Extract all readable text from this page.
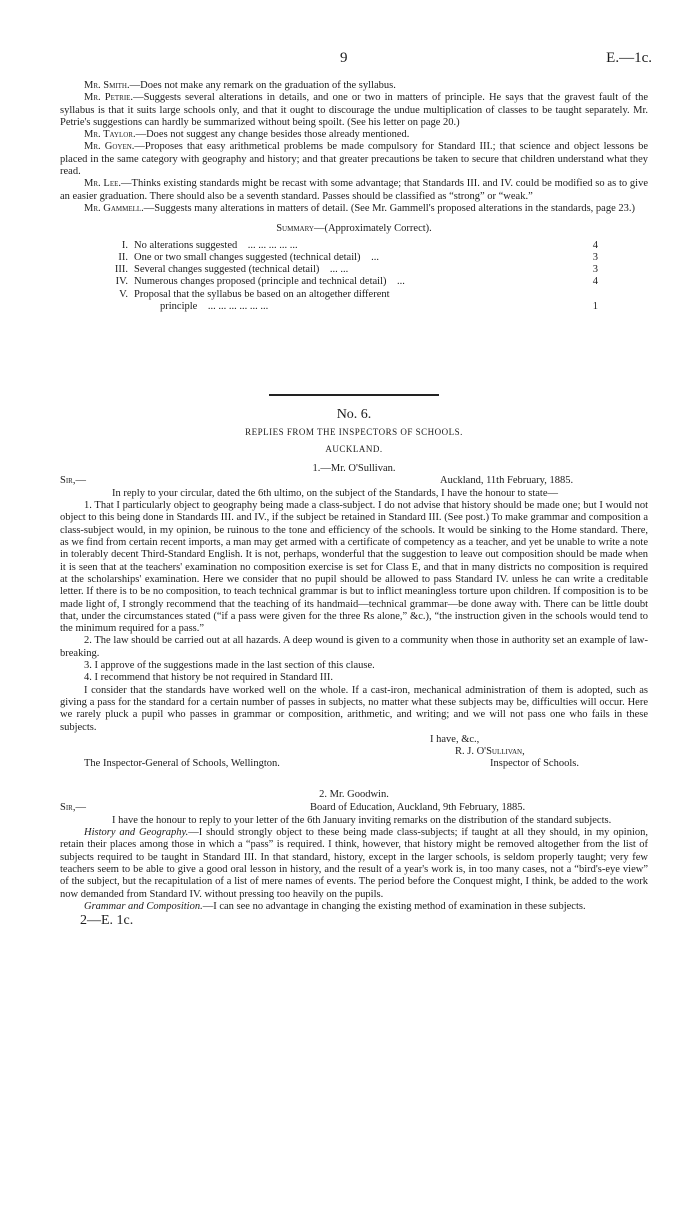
9	E.—1c.

Mr. Smith.—Does not make any remark on the graduation of the syllabus.

Mr. Petrie.—Suggests several alterations in details, and one or two in matters of principle. He says that the gravest fault of the syllabus is that it suits large schools only, and that it ought to discourage the undue multiplication of classes to be taught separately. Mr. Petrie's suggestions can hardly be summarized without being spoilt. (See his letter on page 20.)

Mr. Taylor.—Does not suggest any change besides those already mentioned.

Mr. Goyen.—Proposes that easy arithmetical problems be made compulsory for Standard III.; that science and object lessons be placed in the same category with geography and history; and that greater precautions be taken to secure that children understand what they read.

Mr. Lee.—Thinks existing standards might be recast with some advantage; that Standards III. and IV. could be modified so as to give an easier graduation. There should also be a seventh standard. Passes should be classified as “strong” or “weak.”

Mr. Gammell.—Suggests many alterations in matters of detail. (See Mr. Gammell's proposed alterations in the standards, page 23.)

Summary—(Approximately Correct).

I.	No alterations suggested ... ... ... ... ...	4
II.	One or two small changes suggested (technical detail) ...	3
III.	Several changes suggested (technical detail) ... ...	3
IV.	Numerous changes proposed (principle and technical detail) ...	4
V.	Proposal that the syllabus be based on an altogether different	
	principle ... ... ... ... ... ...	1

No. 6.

REPLIES FROM THE INSPECTORS OF SCHOOLS.

AUCKLAND.

1.—Mr. O'Sullivan.

Sir,—	Auckland, 11th February, 1885.

In reply to your circular, dated the 6th ultimo, on the subject of the Standards, I have the honour to state—

1. That I particularly object to geography being made a class-subject. I do not advise that history should be made one; but I would not object to this being done in Standards III. and IV., if the subject be retained in Standard III. (See post.) To make grammar and composition a class-subject would, in my opinion, be ruinous to the tone and efficiency of the schools. It would be sinking to the Home standard. There, as we find from certain recent imports, a man may get armed with a certificate of competency as a teacher, and yet be unable to write a note in tolerably decent Third-Standard English. It is not, perhaps, wonderful that the suggestion to leave out composition should be made when it is seen that at the teachers' examination no composition exercise is set for Class E, and that in many districts no composition is required at the scholarships' examination. Here we consider that no pupil should be allowed to pass Standard IV. unless he can write a creditable letter. If there is to be no composition, to teach technical grammar is but to inflict meaningless torture upon children. If composition is to be made light of, I strongly recommend that the teaching of its handmaid—technical grammar—be done away with. There can be little doubt that, under the circumstances stated (“if a pass were given for the three Rs alone,” &c.), “the instruction given in the schools would tend to the minimum required for a pass.”

2. The law should be carried out at all hazards. A deep wound is given to a community when those in authority set an example of law-breaking.

3. I approve of the suggestions made in the last section of this clause.

4. I recommend that history be not required in Standard III.

I consider that the standards have worked well on the whole. If a cast-iron, mechanical administration of them is adopted, such as giving a pass for the standard for a certain number of passes in subjects, no matter what these subjects may be, difficulties will occur. Here we rarely pluck a pupil who passes in grammar or composition, arithmetic, and writing; and we will not pass one who fails in these subjects.

I have, &c.,

R. J. O'Sullivan,

The Inspector-General of Schools, Wellington.	Inspector of Schools.

2. Mr. Goodwin.

Sir,—	Board of Education, Auckland, 9th February, 1885.

I have the honour to reply to your letter of the 6th January inviting remarks on the distribution of the standard subjects.

History and Geography.—I should strongly object to these being made class-subjects; if taught at all they should, in my opinion, retain their places among those in which a “pass” is required. I think, however, that history might be removed altogether from the list of subjects required to be taught in Standard III. In that standard, history, except in the larger schools, is seldom properly taught; very few teachers seem to be able to give a good oral lesson in history, and the result of a year's work is, in too many cases, not a “bird's-eye view” of the subject, but the recapitulation of a list of mere names of events. The period before the Conquest might, I think, be added to the work now demanded from Standard IV. without pressing too heavily on the pupils.

Grammar and Composition.—I can see no advantage in changing the existing method of examination in these subjects.

2—E. 1c.
